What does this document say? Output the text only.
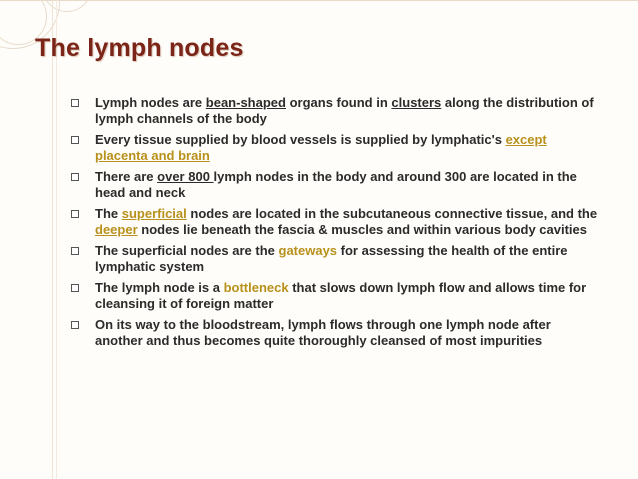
The lymph nodes
Lymph nodes are bean-shaped organs found in clusters along the distribution of lymph channels of the body
Every tissue supplied by blood vessels is supplied by lymphatic's except placenta and brain
There are over 800 lymph nodes in the body and around 300 are located in the head and neck
The superficial nodes are located in the subcutaneous connective tissue, and the deeper nodes lie beneath the fascia & muscles and within various body cavities
The superficial nodes are the gateways for assessing the health of the entire lymphatic system
The lymph node is a bottleneck that slows down lymph flow and allows time for cleansing it of foreign matter
On its way to the bloodstream, lymph flows through one lymph node after another and thus becomes quite thoroughly cleansed of most impurities
